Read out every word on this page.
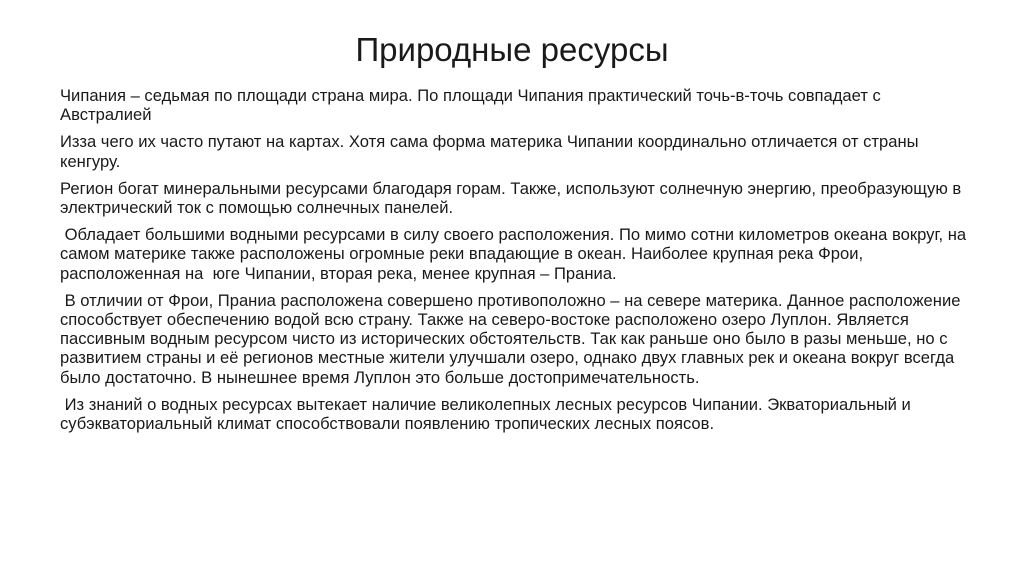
Природные ресурсы

Чипания – седьмая по площади страна мира. По площади Чипания практический точь-в-точь совпадает с Австралией

Изза чего их часто путают на картах. Хотя сама форма материка Чипании координально отличается от страны кенгуру.

Регион богат минеральными ресурсами благодаря горам. Также, используют солнечную энергию, преобразующую в электрический ток с помощью солнечных панелей.

Обладает большими водными ресурсами в силу своего расположения. По мимо сотни километров океана вокруг, на самом материке также расположены огромные реки впадающие в океан. Наиболее крупная река Фрои, расположенная на  юге Чипании, вторая река, менее крупная – Праниа.

В отличии от Фрои, Праниа расположена совершено противоположно – на севере материка. Данное расположение способствует обеспечению водой всю страну. Также на северо-востоке расположено озеро Луплон. Является пассивным водным ресурсом чисто из исторических обстоятельств. Так как раньше оно было в разы меньше, но с развитием страны и её регионов местные жители улучшали озеро, однако двух главных рек и океана вокруг всегда было достаточно. В нынешнее время Луплон это больше достопримечательность.

Из знаний о водных ресурсах вытекает наличие великолепных лесных ресурсов Чипании. Экваториальный и субэкваториальный климат способствовали появлению тропических лесных поясов.
